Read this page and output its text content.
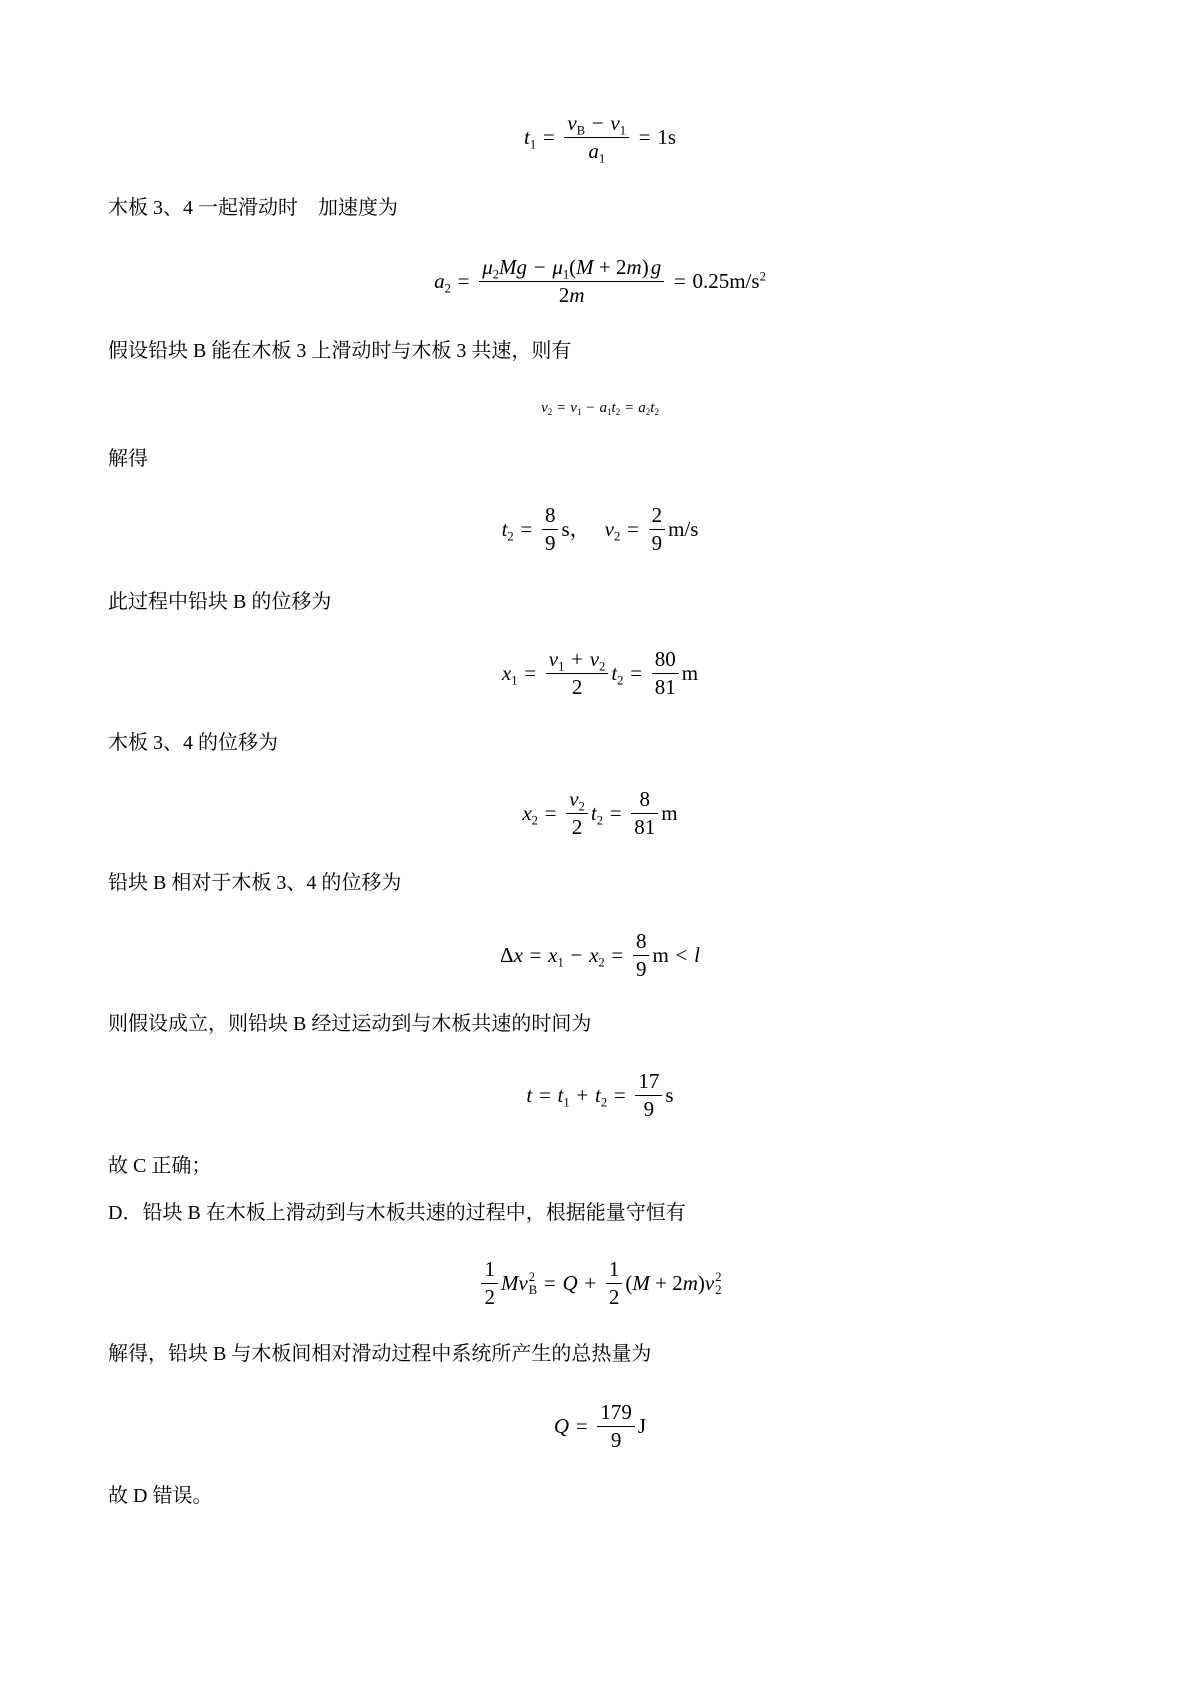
$t_1 = \frac{v_B - v_1}{a_1} = 1s$

木板 3、4 一起滑动时　加速度为

$a_2 = \frac{\mu_2Mg - \mu_1(M + 2m)g}{2m} = 0.25m/s^2$

假设铅块 B 能在木板 3 上滑动时与木板 3 共速，则有

$v_2 = v_1 - a_1t_2 = a_2t_2$

解得

$t_2 = \frac{8}{9}$ s， $v_2 = \frac{2}{9} m/s$

此过程中铅块 B 的位移为

$x_1 = \frac{v_1 + v_2}{2} t_2 = \frac{80}{81}$ m

木板 3、4 的位移为

$x_2 = \frac{v_2}{2} t_2 = \frac{8}{81}$ m

铅块 B 相对于木板 3、4 的位移为

$\Delta x = x_1 - x_2 = \frac{8}{9}$ m < l

则假设成立，则铅块 B 经过运动到与木板共速的时间为

$t = t_1 + t_2 = \frac{17}{9}$ s

故 C 正确；

D．铅块 B 在木板上滑动到与木板共速的过程中，根据能量守恒有

$\frac{1}{2}$ Mv 2
$B = Q + \frac{1}{2} (M + 2m)v$ 2
2

解得，铅块 B 与木板间相对滑动过程中系统所产生的总热量为

$Q = \frac{179}{9}$ J

故 D 错误。
